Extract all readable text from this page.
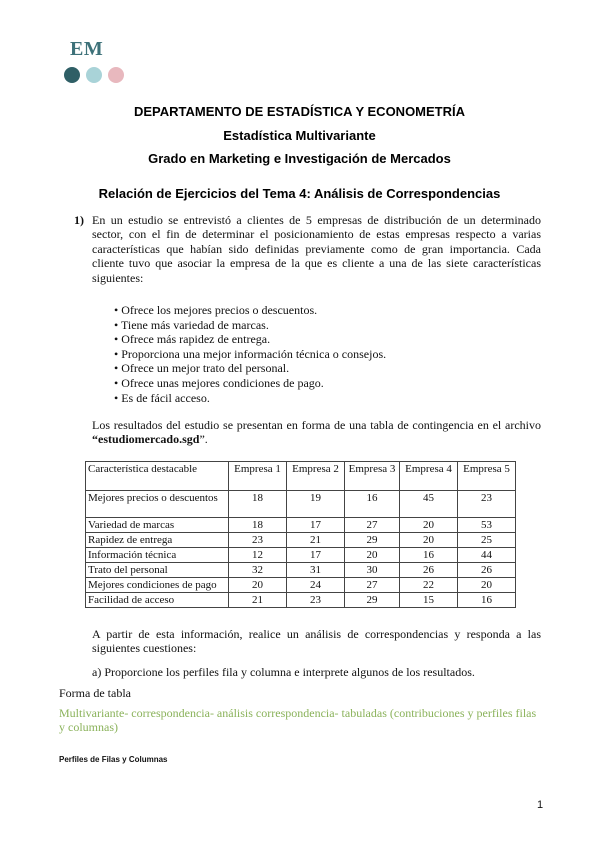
EM
DEPARTAMENTO DE ESTADÍSTICA Y ECONOMETRÍA
Estadística Multivariante
Grado en Marketing e Investigación de Mercados
Relación de Ejercicios del Tema 4: Análisis de Correspondencias
1) En un estudio se entrevistó a clientes de 5 empresas de distribución de un determinado sector, con el fin de determinar el posicionamiento de estas empresas respecto a varias características que habían sido definidas previamente como de gran importancia. Cada cliente tuvo que asociar la empresa de la que es cliente a una de las siete características siguientes:
• Ofrece los mejores precios o descuentos.
• Tiene más variedad de marcas.
• Ofrece más rapidez de entrega.
• Proporciona una mejor información técnica o consejos.
• Ofrece un mejor trato del personal.
• Ofrece unas mejores condiciones de pago.
• Es de fácil acceso.
Los resultados del estudio se presentan en forma de una tabla de contingencia en el archivo “estudiomercado.sgd”.
Característica destacable	Empresa 1	Empresa 2	Empresa 3	Empresa 4	Empresa 5
Mejores precios o descuentos	18	19	16	45	23
Variedad de marcas	18	17	27	20	53
Rapidez de entrega	23	21	29	20	25
Información técnica	12	17	20	16	44
Trato del personal	32	31	30	26	26
Mejores condiciones de pago	20	24	27	22	20
Facilidad de acceso	21	23	29	15	16
A partir de esta información, realice un análisis de correspondencias y responda a las siguientes cuestiones:
a) Proporcione los perfiles fila y columna e interprete algunos de los resultados.
Forma de tabla
Multivariante- correspondencia- análisis correspondencia- tabuladas (contribuciones y perfiles filas y columnas)
Perfiles de Filas y Columnas
1
